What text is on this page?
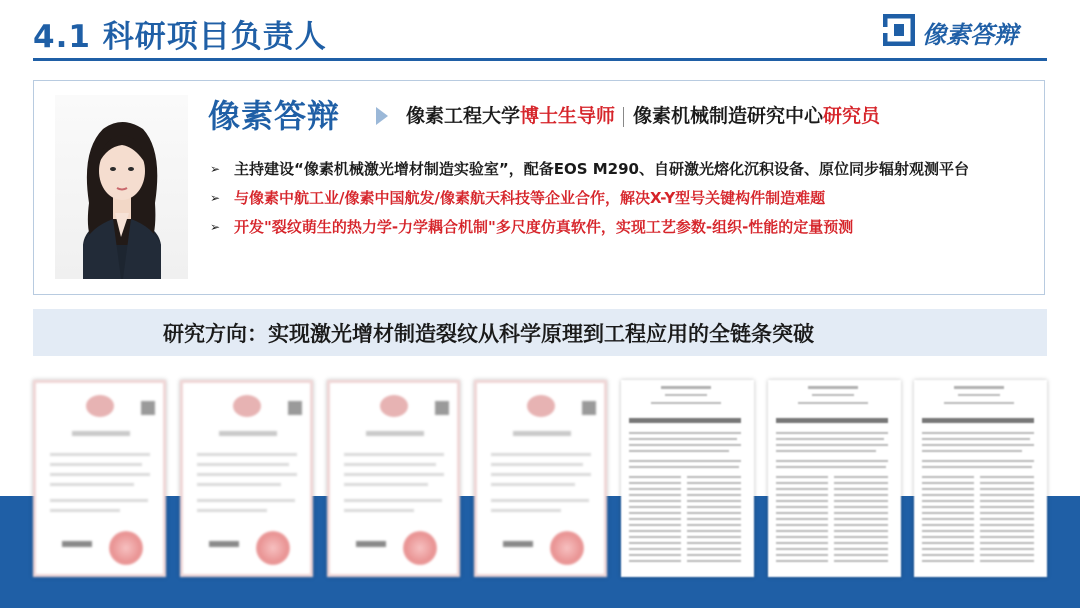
4.1 科研项目负责人	像素答辩
像素答辩	像素工程大学博士生导师 像素机械制造研究中心研究员
➢ 主持建设“像素机械激光增材制造实验室”，配备EOS M290、自研激光熔化沉积设备、原位同步辐射观测平台
➢ 与像素中航工业/像素中国航发/像素航天科技等企业合作，解决X-Y型号关键构件制造难题
➢ 开发"裂纹萌生的热力学-力学耦合机制"多尺度仿真软件，实现工艺参数-组织-性能的定量预测
研究方向：实现激光增材制造裂纹从科学原理到工程应用的全链条突破
